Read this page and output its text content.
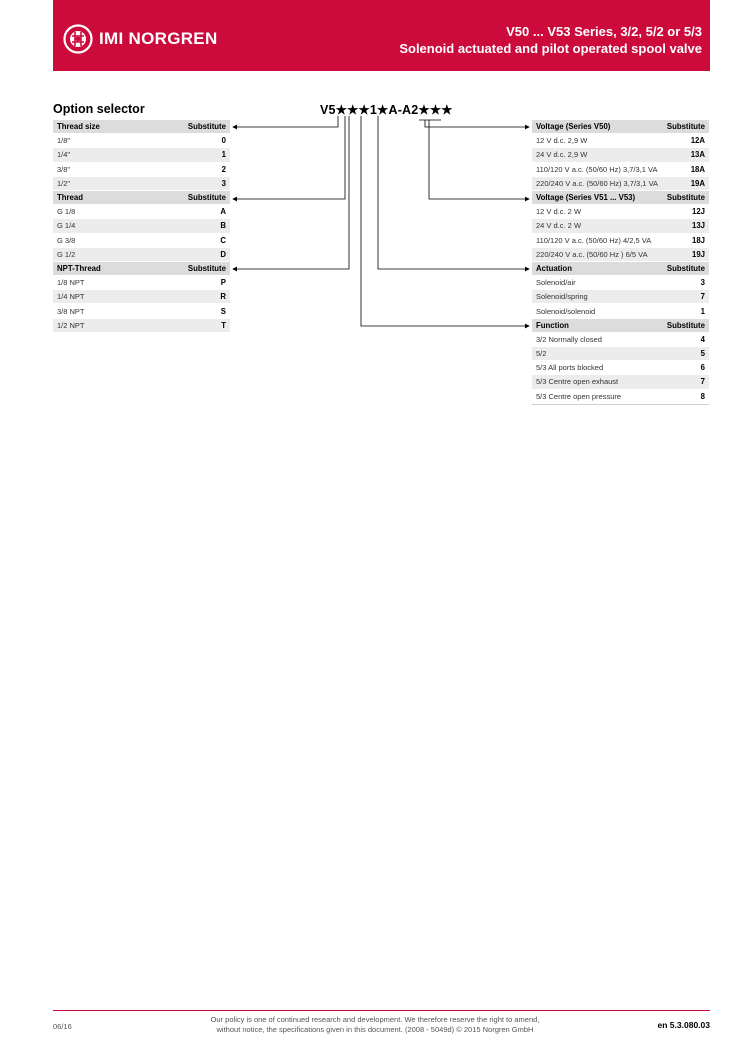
IMI NORGREN	V50 ... V53 Series, 3/2, 5/2 or 5/3
Solenoid actuated and pilot operated spool valve
Option selector	V5★★★1★A-A2★★★
Thread size	Substitute
1/8"	0
1/4"	1
3/8"	2
1/2"	3
Thread	Substitute
G 1/8	A
G 1/4	B
G 3/8	C
G 1/2	D
NPT-Thread	Substitute
1/8 NPT	P
1/4 NPT	R
3/8 NPT	S
1/2 NPT	T
Voltage (Series V50)	Substitute
12 V d.c. 2,9 W	12A
24 V d.c. 2,9 W	13A
110/120 V a.c. (50/60 Hz) 3,7/3,1 VA	18A
220/240 V a.c. (50/60 Hz) 3,7/3,1 VA	19A
Voltage (Series V51 ... V53)	Substitute
12 V d.c. 2 W	12J
24 V d.c. 2 W	13J
110/120 V a.c. (50/60 Hz) 4/2,5 VA	18J
220/240 V a.c. (50/60 Hz ) 6/5 VA	19J
Actuation	Substitute
Solenoid/air	3
Solenoid/spring	7
Solenoid/solenoid	1
Function	Substitute
3/2 Normally closed	4
5/2	5
5/3 All ports blocked	6
5/3 Centre open exhaust	7
5/3 Centre open pressure	8
06/16
Our policy is one of continued research and development. We therefore reserve the right to amend,
without notice, the specifications given in this document. (2008 - 5049d) © 2015 Norgren GmbH	en 5.3.080.03
